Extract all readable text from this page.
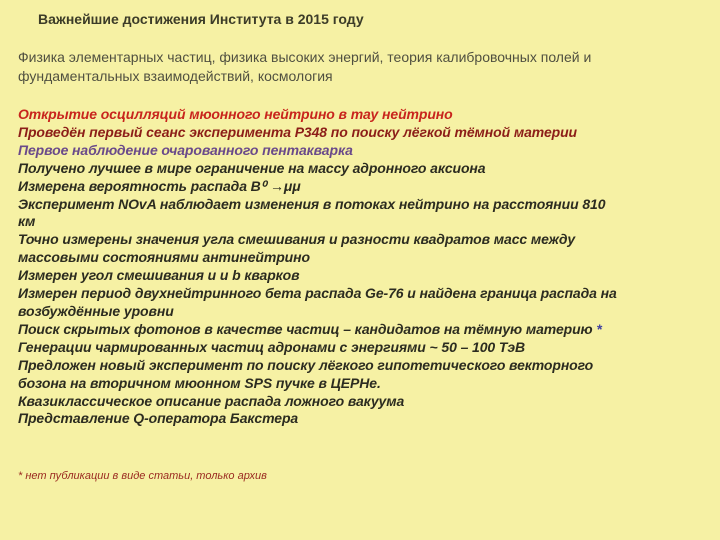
Важнейшие достижения Института в 2015 году
Физика элементарных частиц, физика высоких энергий, теория калибровочных полей и
фундаментальных взаимодействий, космология
Открытие осцилляций мюонного нейтрино в тау нейтрино
Проведён первый сеанс эксперимента P348 по поиску лёгкой тёмной материи
Первое наблюдение очарованного пентакварка
Получено лучшее в мире ограничение на массу адронного аксиона
Измерена вероятность распада B⁰ →μμ
Эксперимент NOvA наблюдает изменения в потоках нейтрино на расстоянии 810
км
Точно измерены значения угла смешивания и разности квадратов масс между
массовыми состояниями антинейтрино
Измерен угол смешивания и и b кварков
Измерен период двухнейтринного бета распада Ge-76 и найдена граница распада на
возбуждённые уровни
Поиск скрытых фотонов в качестве частиц – кандидатов на тёмную материю *
Генерации чармированных частиц адронами с энергиями ~ 50 – 100 ТэВ
Предложен новый эксперимент по поиску лёгкого гипотетического векторного
бозона на вторичном мюонном SPS пучке в ЦЕРНе.
Квазиклассическое описание распада ложного вакуума
Представление Q-оператора Бакстера
* нет публикации в виде статьи, только архив
